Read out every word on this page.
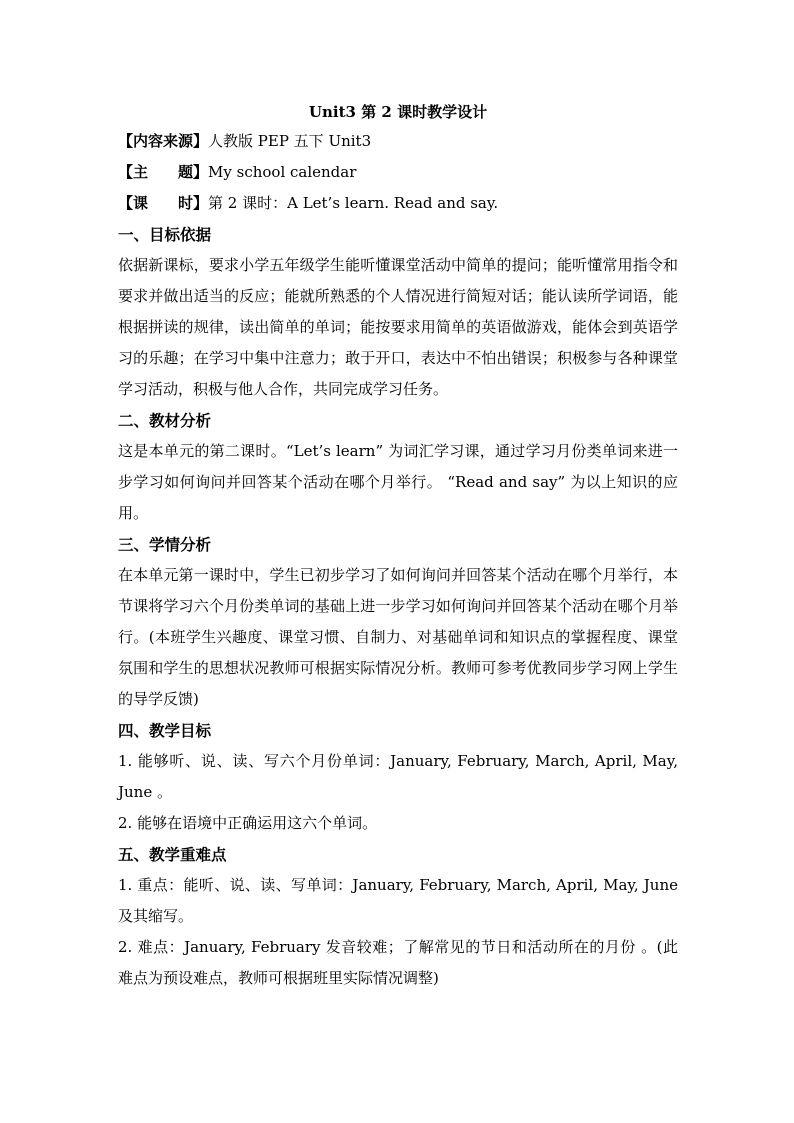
Unit3 第 2 课时教学设计

【内容来源】人教版 PEP 五下 Unit3

【主　　题】My school calendar

【课　　时】第 2 课时：A Let’s learn. Read and say.

一、目标依据

依据新课标，要求小学五年级学生能听懂课堂活动中简单的提问；能听懂常用指令和要求并做出适当的反应；能就所熟悉的个人情况进行简短对话；能认读所学词语，能根据拼读的规律，读出简单的单词；能按要求用简单的英语做游戏，能体会到英语学习的乐趣；在学习中集中注意力；敢于开口，表达中不怕出错误；积极参与各种课堂学习活动，积极与他人合作，共同完成学习任务。

二、教材分析

这是本单元的第二课时。“Let’s learn” 为词汇学习课，通过学习月份类单词来进一步学习如何询问并回答某个活动在哪个月举行。 “Read and say” 为以上知识的应用。

三、学情分析

在本单元第一课时中，学生已初步学习了如何询问并回答某个活动在哪个月举行，本节课将学习六个月份类单词的基础上进一步学习如何询问并回答某个活动在哪个月举行。(本班学生兴趣度、课堂习惯、自制力、对基础单词和知识点的掌握程度、课堂氛围和学生的思想状况教师可根据实际情况分析。教师可参考优教同步学习网上学生的导学反馈)

四、教学目标

1. 能够听、说、读、写六个月份单词：January, February, March, April, May, June 。

2. 能够在语境中正确运用这六个单词。

五、教学重难点

1. 重点：能听、说、读、写单词：January, February, March, April, May, June 及其缩写。

2. 难点：January, February 发音较难；了解常见的节日和活动所在的月份 。(此难点为预设难点，教师可根据班里实际情况调整)
